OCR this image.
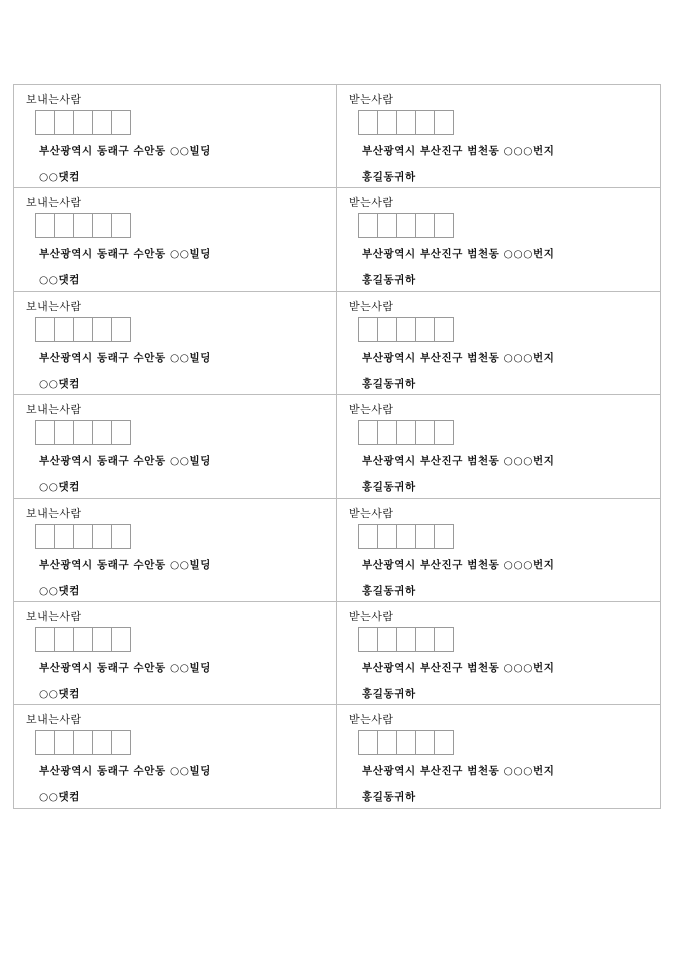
보내는사람
부산광역시 동래구 수안동 ○○빌딩
○○댓컴
받는사람
부산광역시 부산진구 범천동 ○○○번지
홍길동귀하
보내는사람
부산광역시 동래구 수안동 ○○빌딩
○○댓컴
받는사람
부산광역시 부산진구 범천동 ○○○번지
홍길동귀하
보내는사람
부산광역시 동래구 수안동 ○○빌딩
○○댓컴
받는사람
부산광역시 부산진구 범천동 ○○○번지
홍길동귀하
보내는사람
부산광역시 동래구 수안동 ○○빌딩
○○댓컴
받는사람
부산광역시 부산진구 범천동 ○○○번지
홍길동귀하
보내는사람
부산광역시 동래구 수안동 ○○빌딩
○○댓컴
받는사람
부산광역시 부산진구 범천동 ○○○번지
홍길동귀하
보내는사람
부산광역시 동래구 수안동 ○○빌딩
○○댓컴
받는사람
부산광역시 부산진구 범천동 ○○○번지
홍길동귀하
보내는사람
부산광역시 동래구 수안동 ○○빌딩
○○댓컴
받는사람
부산광역시 부산진구 범천동 ○○○번지
홍길동귀하
